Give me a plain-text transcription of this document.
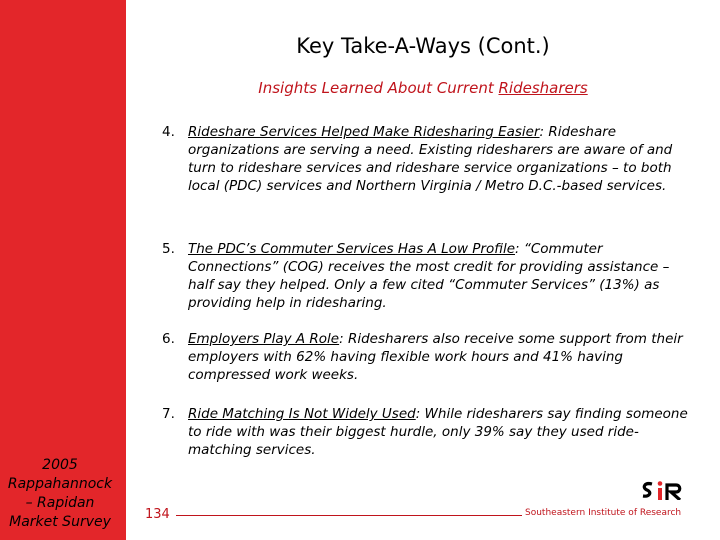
2005
Rappahannock
– Rapidan
Market Survey
Key Take-A-Ways (Cont.)
Insights Learned About Current Ridesharers
4. Rideshare Services Helped Make Ridesharing Easier: Rideshare organizations are serving a need. Existing ridesharers are aware of and turn to rideshare services and rideshare service organizations – to both local (PDC) services and Northern Virginia / Metro D.C.-based services.
5. The PDC’s Commuter Services Has A Low Profile: “Commuter Connections” (COG) receives the most credit for providing assistance – half say they helped. Only a few cited “Commuter Services” (13%) as providing help in ridesharing.
6. Employers Play A Role: Ridesharers also receive some support from their employers with 62% having flexible work hours and 41% having compressed work weeks.
7. Ride Matching Is Not Widely Used: While ridesharers say finding someone to ride with was their biggest hurdle, only 39% say they used ride-matching services.
134	Southeastern Institute of Research
